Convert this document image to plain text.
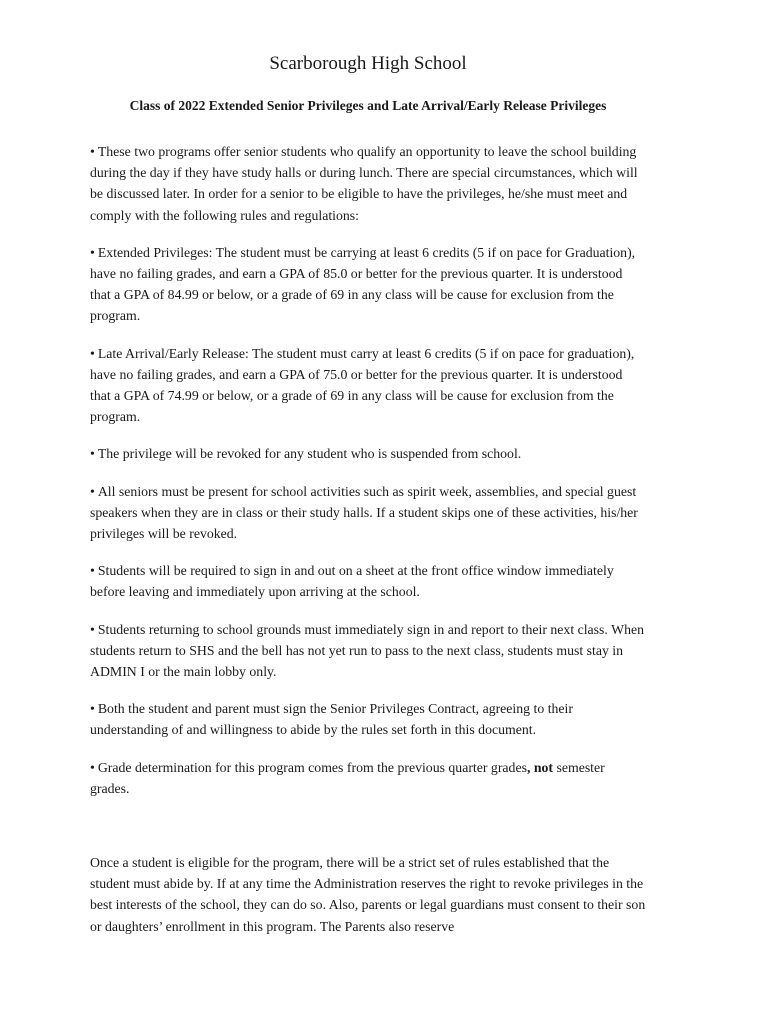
Scarborough High School
Class of 2022 Extended Senior Privileges and Late Arrival/Early Release Privileges

• These two programs offer senior students who qualify an opportunity to leave the school building during the day if they have study halls or during lunch. There are special circumstances, which will be discussed later. In order for a senior to be eligible to have the privileges, he/she must meet and comply with the following rules and regulations:

• Extended Privileges: The student must be carrying at least 6 credits (5 if on pace for Graduation), have no failing grades, and earn a GPA of 85.0 or better for the previous quarter. It is understood that a GPA of 84.99 or below, or a grade of 69 in any class will be cause for exclusion from the program.

• Late Arrival/Early Release: The student must carry at least 6 credits (5 if on pace for graduation), have no failing grades, and earn a GPA of 75.0 or better for the previous quarter. It is understood that a GPA of 74.99 or below, or a grade of 69 in any class will be cause for exclusion from the program.

• The privilege will be revoked for any student who is suspended from school.

• All seniors must be present for school activities such as spirit week, assemblies, and special guest speakers when they are in class or their study halls. If a student skips one of these activities, his/her privileges will be revoked.

• Students will be required to sign in and out on a sheet at the front office window immediately before leaving and immediately upon arriving at the school.

• Students returning to school grounds must immediately sign in and report to their next class. When students return to SHS and the bell has not yet run to pass to the next class, students must stay in ADMIN I or the main lobby only.

• Both the student and parent must sign the Senior Privileges Contract, agreeing to their understanding of and willingness to abide by the rules set forth in this document.

• Grade determination for this program comes from the previous quarter grades, not semester grades.

Once a student is eligible for the program, there will be a strict set of rules established that the student must abide by. If at any time the Administration reserves the right to revoke privileges in the best interests of the school, they can do so. Also, parents or legal guardians must consent to their son or daughters’ enrollment in this program. The Parents also reserve
